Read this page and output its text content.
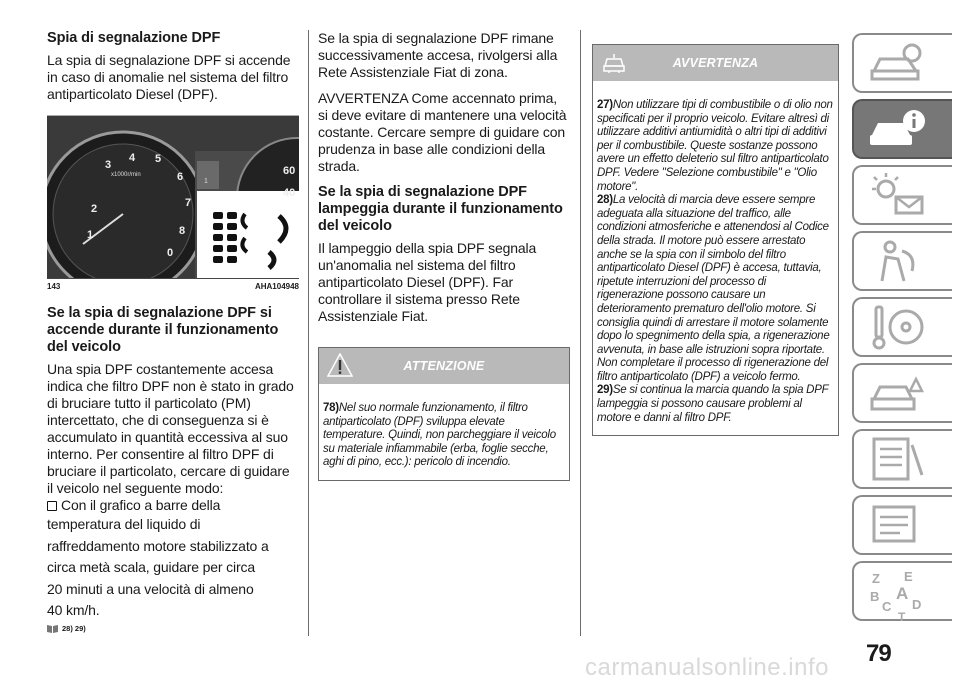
Spia di segnalazione DPF

La spia di segnalazione DPF si accende in caso di anomalie nel sistema del filtro antiparticolato Diesel (DPF).

2
3
4 5
6
7
8
0
1
x1000r/min
1
60
40
143	AHA104948
Se la spia di segnalazione DPF si accende durante il funzionamento del veicolo

Una spia DPF costantemente accesa indica che filtro DPF non è stato in grado di bruciare tutto il particolato (PM) intercettato, che di conseguenza si è accumulato in quantità eccessiva al suo interno. Per consentire al filtro DPF di bruciare il particolato, cercare di guidare il veicolo nel seguente modo:

Con il grafico a barre della
temperatura del liquido di
raffreddamento motore stabilizzato a
circa metà scala, guidare per circa
20 minuti a una velocità di almeno
40 km/h.
28) 29)

Se la spia di segnalazione DPF rimane successivamente accesa, rivolgersi alla Rete Assistenziale Fiat di zona.

AVVERTENZA Come accennato prima, si deve evitare di mantenere una velocità costante. Cercare sempre di guidare con prudenza in base alle condizioni della strada.

Se la spia di segnalazione DPF lampeggia durante il funzionamento del veicolo

Il lampeggio della spia DPF segnala un'anomalia nel sistema del filtro antiparticolato Diesel (DPF). Far controllare il sistema presso Rete Assistenziale Fiat.

ATTENZIONE
78)Nel suo normale funzionamento, il filtro antiparticolato (DPF) sviluppa elevate temperature. Quindi, non parcheggiare il veicolo su materiale infiammabile (erba, foglie secche, aghi di pino, ecc.): pericolo di incendio.
AVVERTENZA
27)Non utilizzare tipi di combustibile o di olio non specificati per il proprio veicolo. Evitare altresì di utilizzare additivi antiumidità o altri tipi di additivi per il combustibile. Queste sostanze possono avere un effetto deleterio sul filtro antiparticolato DPF. Vedere "Selezione combustibile" e "Olio motore".
28)La velocità di marcia deve essere sempre adeguata alla situazione del traffico, alle condizioni atmosferiche e attenendosi al Codice della strada. Il motore può essere arrestato anche se la spia con il simbolo del filtro antiparticolato Diesel (DPF) è accesa, tuttavia, ripetute interruzioni del processo di rigenerazione possono causare un deterioramento prematuro dell'olio motore. Si consiglia quindi di arrestare il motore solamente dopo lo spegnimento della spia, a rigenerazione avvenuta, in base alle istruzioni sopra riportate. Non completare il processo di rigenerazione del filtro antiparticolato (DPF) a veicolo fermo.
29)Se si continua la marcia quando la spia DPF lampeggia si possono causare problemi al motore e danni al filtro DPF.
Z E
B A
C D
T
79
carmanualsonline.info
